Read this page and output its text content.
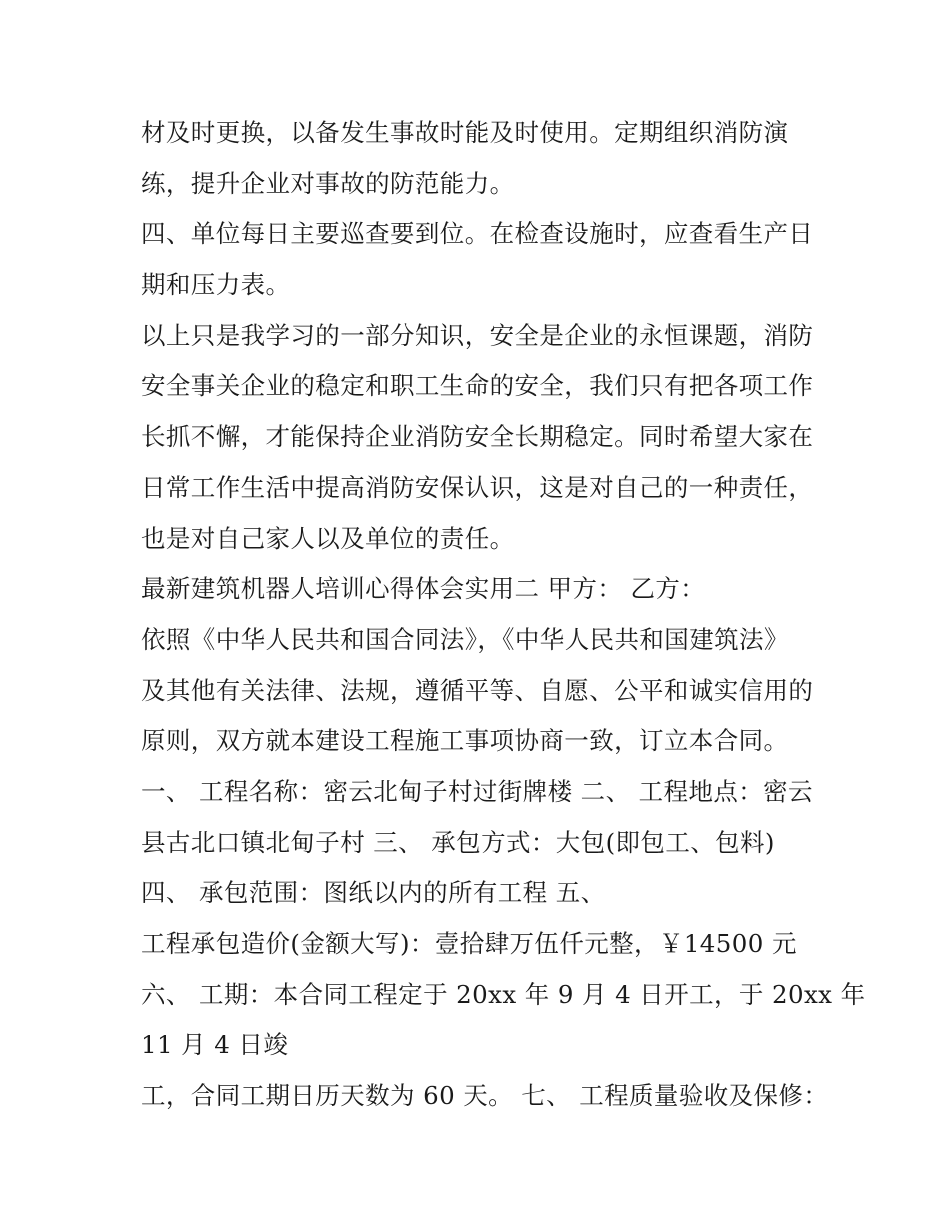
材及时更换，以备发生事故时能及时使用。定期组织消防演
练，提升企业对事故的防范能力。
四、单位每日主要巡查要到位。在检查设施时，应查看生产日
期和压力表。
以上只是我学习的一部分知识，安全是企业的永恒课题，消防
安全事关企业的稳定和职工生命的安全，我们只有把各项工作
长抓不懈，才能保持企业消防安全长期稳定。同时希望大家在
日常工作生活中提高消防安保认识，这是对自己的一种责任，
也是对自己家人以及单位的责任。
最新建筑机器人培训心得体会实用二 甲方： 乙方：
依照《中华人民共和国合同法》，《中华人民共和国建筑法》
及其他有关法律、法规，遵循平等、自愿、公平和诚实信用的
原则，双方就本建设工程施工事项协商一致，订立本合同。
一、 工程名称：密云北甸子村过街牌楼 二、 工程地点：密云
县古北口镇北甸子村 三、 承包方式：大包(即包工、包料)
四、 承包范围：图纸以内的所有工程 五、
工程承包造价(金额大写)：壹拾肆万伍仟元整，￥14500 元
六、 工期：本合同工程定于 20xx 年 9 月 4 日开工，于 20xx 年
11 月 4 日竣
工，合同工期日历天数为 60 天。 七、 工程质量验收及保修：
